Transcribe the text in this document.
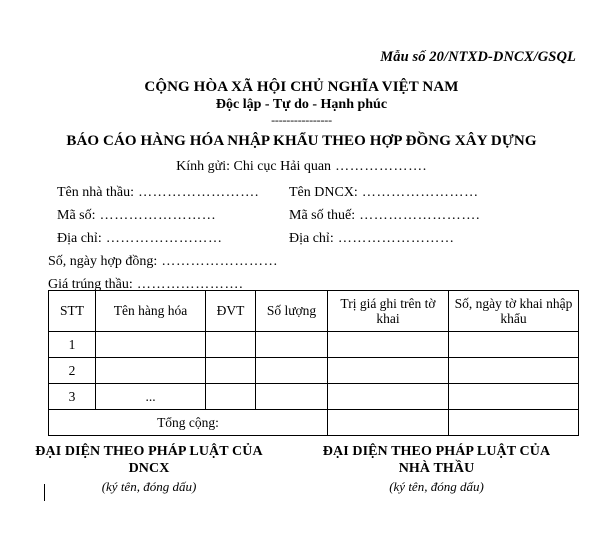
Mẫu số 20/NTXD-DNCX/GSQL
CỘNG HÒA XÃ HỘI CHỦ NGHĨA VIỆT NAM
Độc lập - Tự do - Hạnh phúc
----------------
BÁO CÁO HÀNG HÓA NHẬP KHẨU THEO HỢP ĐỒNG XÂY DỰNG
Kính gửi: Chi cục Hải quan ……………….
Tên nhà thầu: ……………………. Tên DNCX: ……………………
Mã số: ……………………	Mã số thuế: …………………….
Địa chỉ: ……………………	Địa chỉ: ……………………
Số, ngày hợp đồng: ……………………
Giá trúng thầu: ………………….
STT	Tên hàng hóa	ĐVT	Số lượng	Trị giá ghi trên tờ khai	Số, ngày tờ khai nhập khẩu
1					
2					
3	...				
Tổng cộng:					
ĐẠI DIỆN THEO PHÁP LUẬT CỦA
DNCX
(ký tên, đóng dấu)
ĐẠI DIỆN THEO PHÁP LUẬT CỦA
NHÀ THẦU
(ký tên, đóng dấu)
